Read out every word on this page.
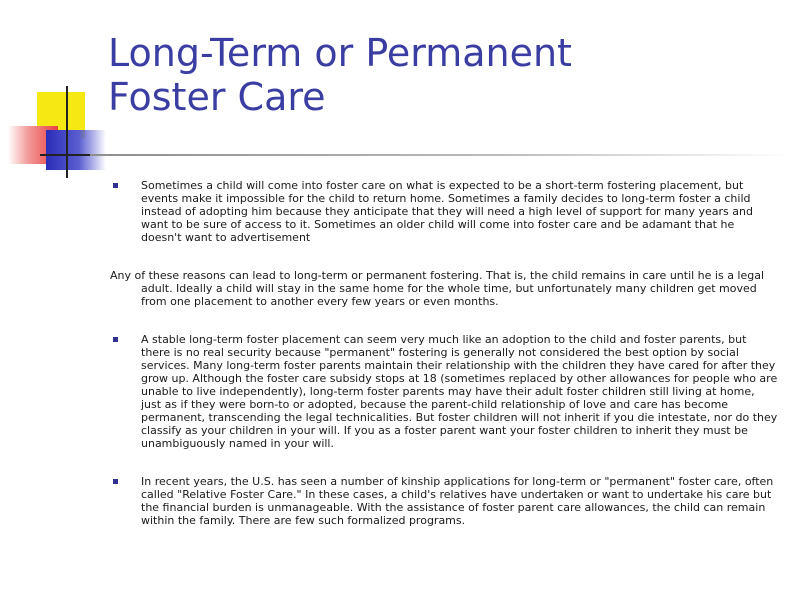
Long-Term or Permanent
Foster Care

Sometimes a child will come into foster care on what is expected to be a short-term fostering placement, but events make it impossible for the child to return home. Sometimes a family decides to long-term foster a child instead of adopting him because they anticipate that they will need a high level of support for many years and want to be sure of access to it. Sometimes an older child will come into foster care and be adamant that he doesn't want to advertisement

Any of these reasons can lead to long-term or permanent fostering. That is, the child remains in care until he is a legal adult. Ideally a child will stay in the same home for the whole time, but unfortunately many children get moved from one placement to another every few years or even months.

A stable long-term foster placement can seem very much like an adoption to the child and foster parents, but there is no real security because "permanent" fostering is generally not considered the best option by social services. Many long-term foster parents maintain their relationship with the children they have cared for after they grow up. Although the foster care subsidy stops at 18 (sometimes replaced by other allowances for people who are unable to live independently), long-term foster parents may have their adult foster children still living at home, just as if they were born-to or adopted, because the parent-child relationship of love and care has become permanent, transcending the legal technicalities. But foster children will not inherit if you die intestate, nor do they classify as your children in your will. If you as a foster parent want your foster children to inherit they must be unambiguously named in your will.

In recent years, the U.S. has seen a number of kinship applications for long-term or "permanent" foster care, often called "Relative Foster Care." In these cases, a child's relatives have undertaken or want to undertake his care but the financial burden is unmanageable. With the assistance of foster parent care allowances, the child can remain within the family. There are few such formalized programs.
